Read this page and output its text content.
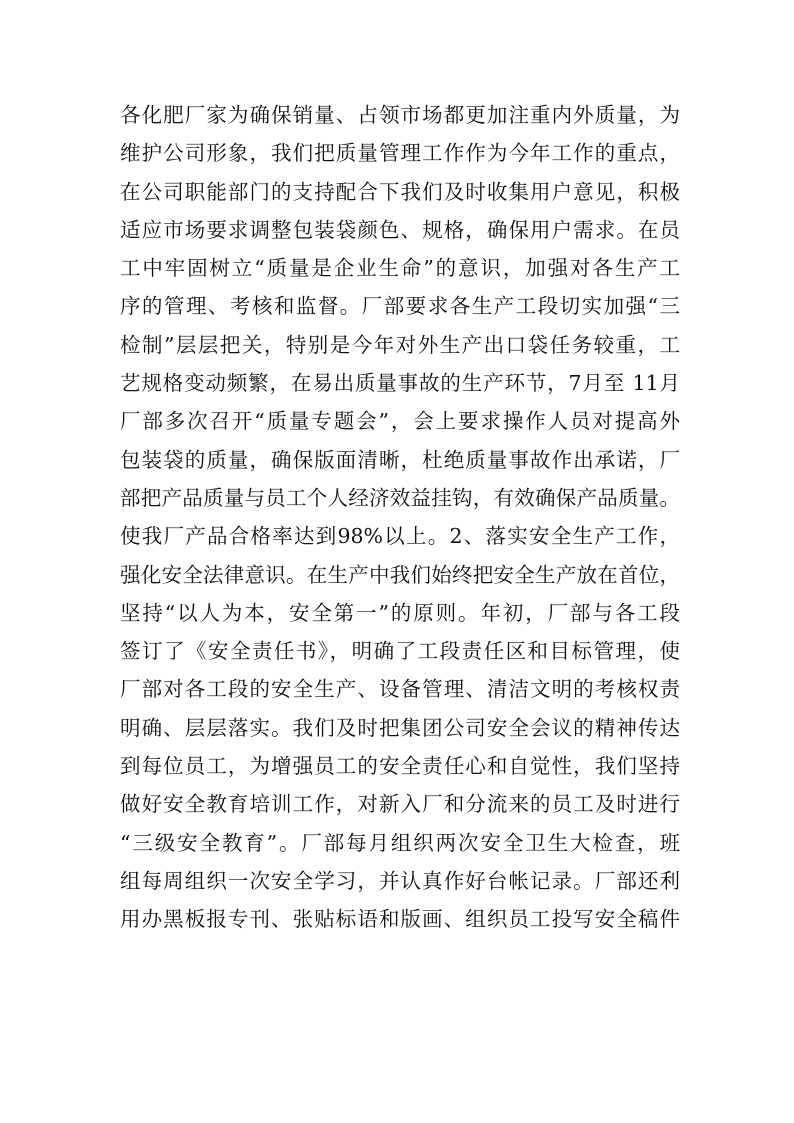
各化肥厂家为确保销量、占领市场都更加注重内外质量，为
维护公司形象，我们把质量管理工作作为今年工作的重点，
在公司职能部门的支持配合下我们及时收集用户意见，积极
适应市场要求调整包装袋颜色、规格，确保用户需求。在员
工中牢固树立“质量是企业生命”的意识，加强对各生产工
序的管理、考核和监督。厂部要求各生产工段切实加强“三
检制”层层把关，特别是今年对外生产出口袋任务较重，工
艺规格变动频繁，在易出质量事故的生产环节，7月至 11月
厂部多次召开“质量专题会”，会上要求操作人员对提高外
包装袋的质量，确保版面清晰，杜绝质量事故作出承诺，厂
部把产品质量与员工个人经济效益挂钩，有效确保产品质量。
使我厂产品合格率达到98%以上。2、落实安全生产工作，
强化安全法律意识。在生产中我们始终把安全生产放在首位，
坚持“以人为本，安全第一”的原则。年初，厂部与各工段
签订了《安全责任书》，明确了工段责任区和目标管理，使
厂部对各工段的安全生产、设备管理、清洁文明的考核权责
明确、层层落实。我们及时把集团公司安全会议的精神传达
到每位员工，为增强员工的安全责任心和自觉性，我们坚持
做好安全教育培训工作，对新入厂和分流来的员工及时进行
“三级安全教育”。厂部每月组织两次安全卫生大检查，班
组每周组织一次安全学习，并认真作好台帐记录。厂部还利
用办黑板报专刊、张贴标语和版画、组织员工投写安全稿件
